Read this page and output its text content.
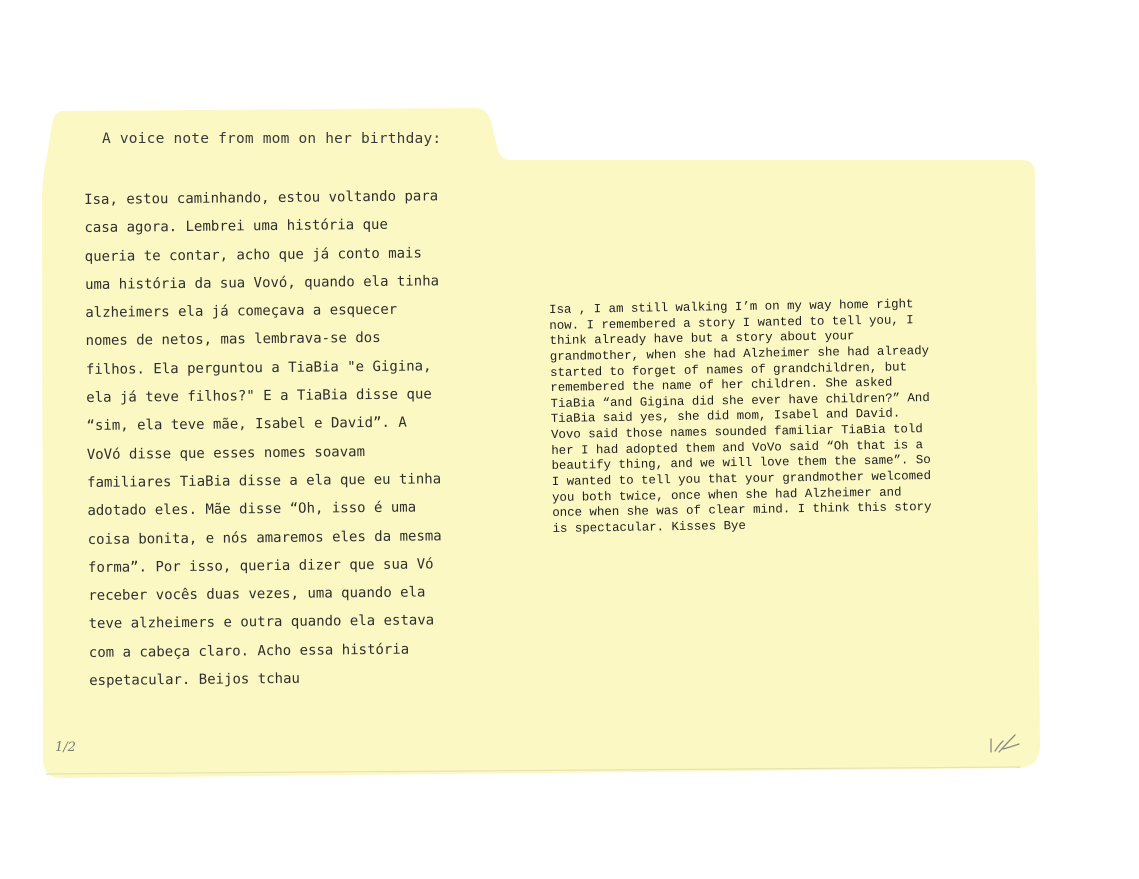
A voice note from mom on her birthday:
Isa, estou caminhando, estou voltando para
casa agora. Lembrei uma história que
queria te contar, acho que já conto mais
uma história da sua Vovó, quando ela tinha
alzheimers ela já começava a esquecer
nomes de netos, mas lembrava-se dos
filhos. Ela perguntou a TiaBia "e Gigina,
ela já teve filhos?" E a TiaBia disse que
“sim, ela teve mãe, Isabel e David”. A
VoVó disse que esses nomes soavam
familiares TiaBia disse a ela que eu tinha
adotado eles. Mãe disse “Oh, isso é uma
coisa bonita, e nós amaremos eles da mesma
forma”. Por isso, queria dizer que sua Vó
receber vocês duas vezes, uma quando ela
teve alzheimers e outra quando ela estava
com a cabeça claro. Acho essa história
espetacular. Beijos tchau
Isa , I am still walking I’m on my way home right
now. I remembered a story I wanted to tell you, I
think already have but a story about your
grandmother, when she had Alzheimer she had already
started to forget of names of grandchildren, but
remembered the name of her children. She asked
TiaBia “and Gigina did she ever have children?” And
TiaBia said yes, she did mom, Isabel and David.
Vovo said those names sounded familiar TiaBia told
her I had adopted them and VoVo said “Oh that is a
beautify thing, and we will love them the same”. So
I wanted to tell you that your grandmother welcomed
you both twice, once when she had Alzheimer and
once when she was of clear mind. I think this story
is spectacular. Kisses Bye
1/2
